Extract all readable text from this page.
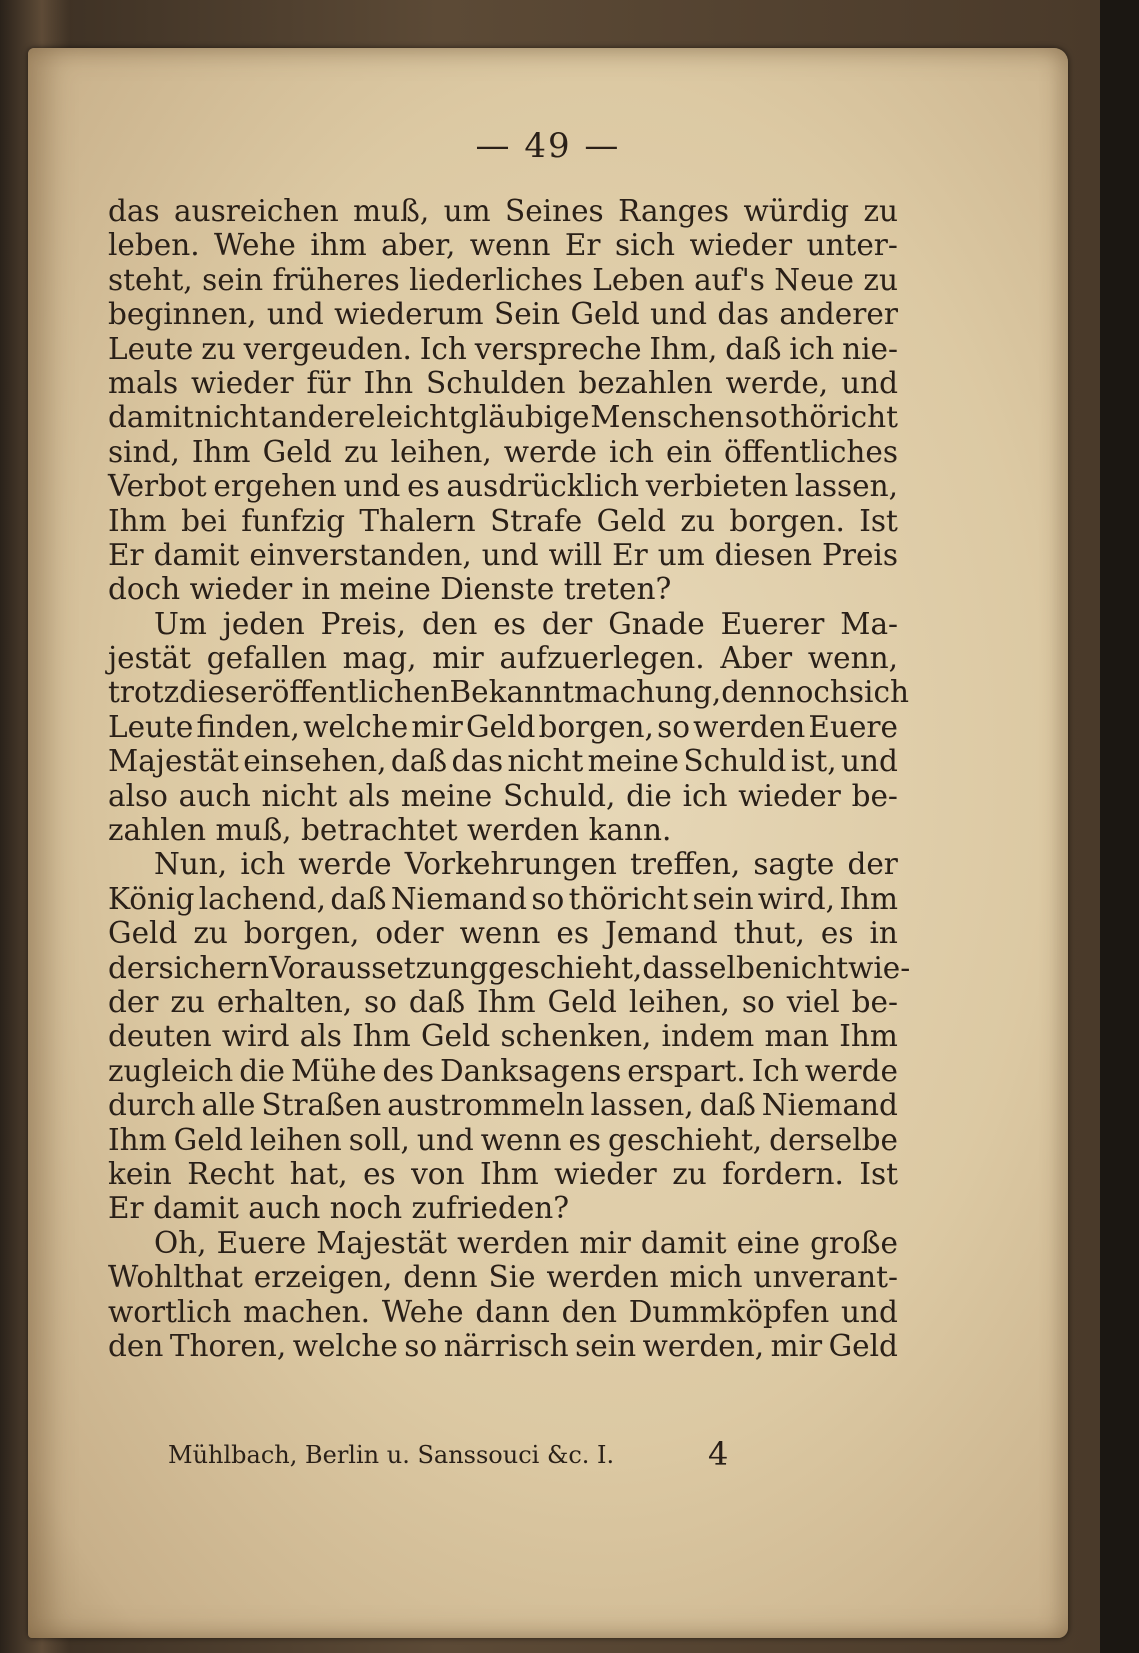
— 49 —
das ausreichen muß, um Seines Ranges würdig zu
leben. Wehe ihm aber, wenn Er sich wieder unter-
steht, sein früheres liederliches Leben auf's Neue zu
beginnen, und wiederum Sein Geld und das anderer
Leute zu vergeuden. Ich verspreche Ihm, daß ich nie-
mals wieder für Ihn Schulden bezahlen werde, und
damit nicht andere leichtgläubige Menschen so thöricht
sind, Ihm Geld zu leihen, werde ich ein öffentliches
Verbot ergehen und es ausdrücklich verbieten lassen,
Ihm bei funfzig Thalern Strafe Geld zu borgen. Ist
Er damit einverstanden, und will Er um diesen Preis
doch wieder in meine Dienste treten?
Um jeden Preis, den es der Gnade Euerer Ma-
jestät gefallen mag, mir aufzuerlegen. Aber wenn,
trotz dieser öffentlichen Bekanntmachung, dennoch sich
Leute finden, welche mir Geld borgen, so werden Euere
Majestät einsehen, daß das nicht meine Schuld ist, und
also auch nicht als meine Schuld, die ich wieder be-
zahlen muß, betrachtet werden kann.
Nun, ich werde Vorkehrungen treffen, sagte der
König lachend, daß Niemand so thöricht sein wird, Ihm
Geld zu borgen, oder wenn es Jemand thut, es in
der sichern Voraussetzung geschieht, dasselbe nicht wie-
der zu erhalten, so daß Ihm Geld leihen, so viel be-
deuten wird als Ihm Geld schenken, indem man Ihm
zugleich die Mühe des Danksagens erspart. Ich werde
durch alle Straßen austrommeln lassen, daß Niemand
Ihm Geld leihen soll, und wenn es geschieht, derselbe
kein Recht hat, es von Ihm wieder zu fordern. Ist
Er damit auch noch zufrieden?
Oh, Euere Majestät werden mir damit eine große
Wohlthat erzeigen, denn Sie werden mich unverant-
wortlich machen. Wehe dann den Dummköpfen und
den Thoren, welche so närrisch sein werden, mir Geld
Mühlbach, Berlin u. Sanssouci &c. I.	4
